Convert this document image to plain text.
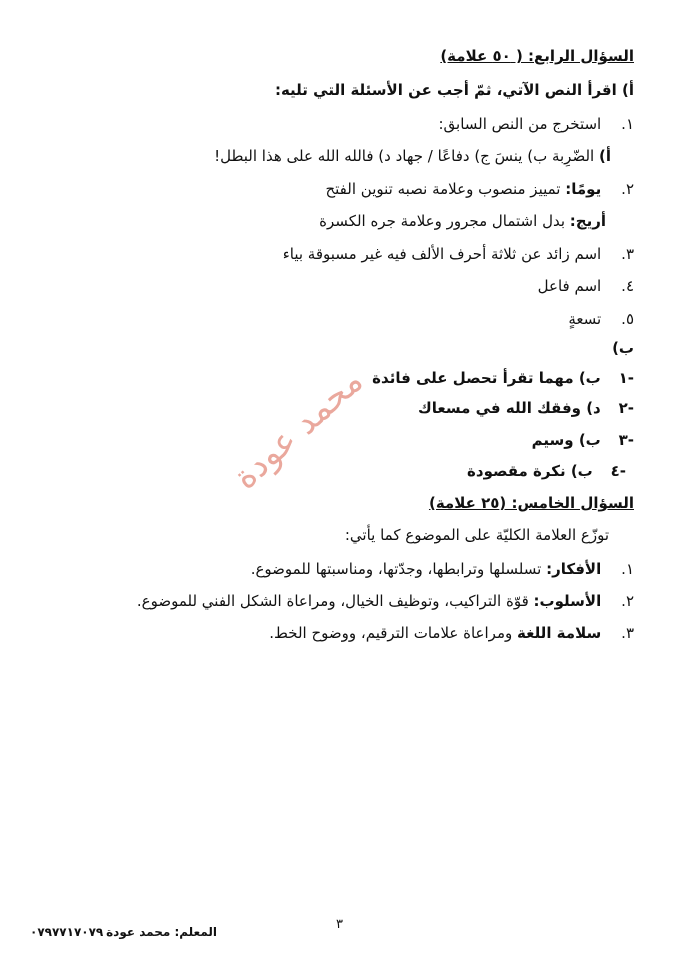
السؤال الرابع: ( ٥٠ علامة)
أ) اقرأ النص الآتي، ثمّ أجب عن الأسئلة التي تليه:
١. استخرج من النص السابق:
أ) الضّرِبة ب) ينسَ ج) دفاعًا / جهاد د) فالله الله على هذا البطل!
٢. يومًا: تمييز منصوب وعلامة نصبه تنوين الفتح
أريج: بدل اشتمال مجرور وعلامة جره الكسرة
٣. اسم زائد عن ثلاثة أحرف الألف فيه غير مسبوقة بياء
٤. اسم فاعل
٥. تسعةٍ
ب)
-١ ب) مهما تقرأ تحصل على فائدة
-٢ د) وفقك الله في مسعاك
-٣ ب) وسيم
-٤ ب) نكرة مقصودة
السؤال الخامس: (٢٥ علامة)
توزّع العلامة الكليّة على الموضوع كما يأتي:
١. الأفكار: تسلسلها وترابطها، وجدّتها، ومناسبتها للموضوع.
٢. الأسلوب: قوّة التراكيب، وتوظيف الخيال، ومراعاة الشكل الفني للموضوع.
٣. سلامة اللغة ومراعاة علامات الترقيم، ووضوح الخط.
محمد عودة
المعلم: محمد عودة
٠٧٩٧٧١٧٠٧٩	٣
